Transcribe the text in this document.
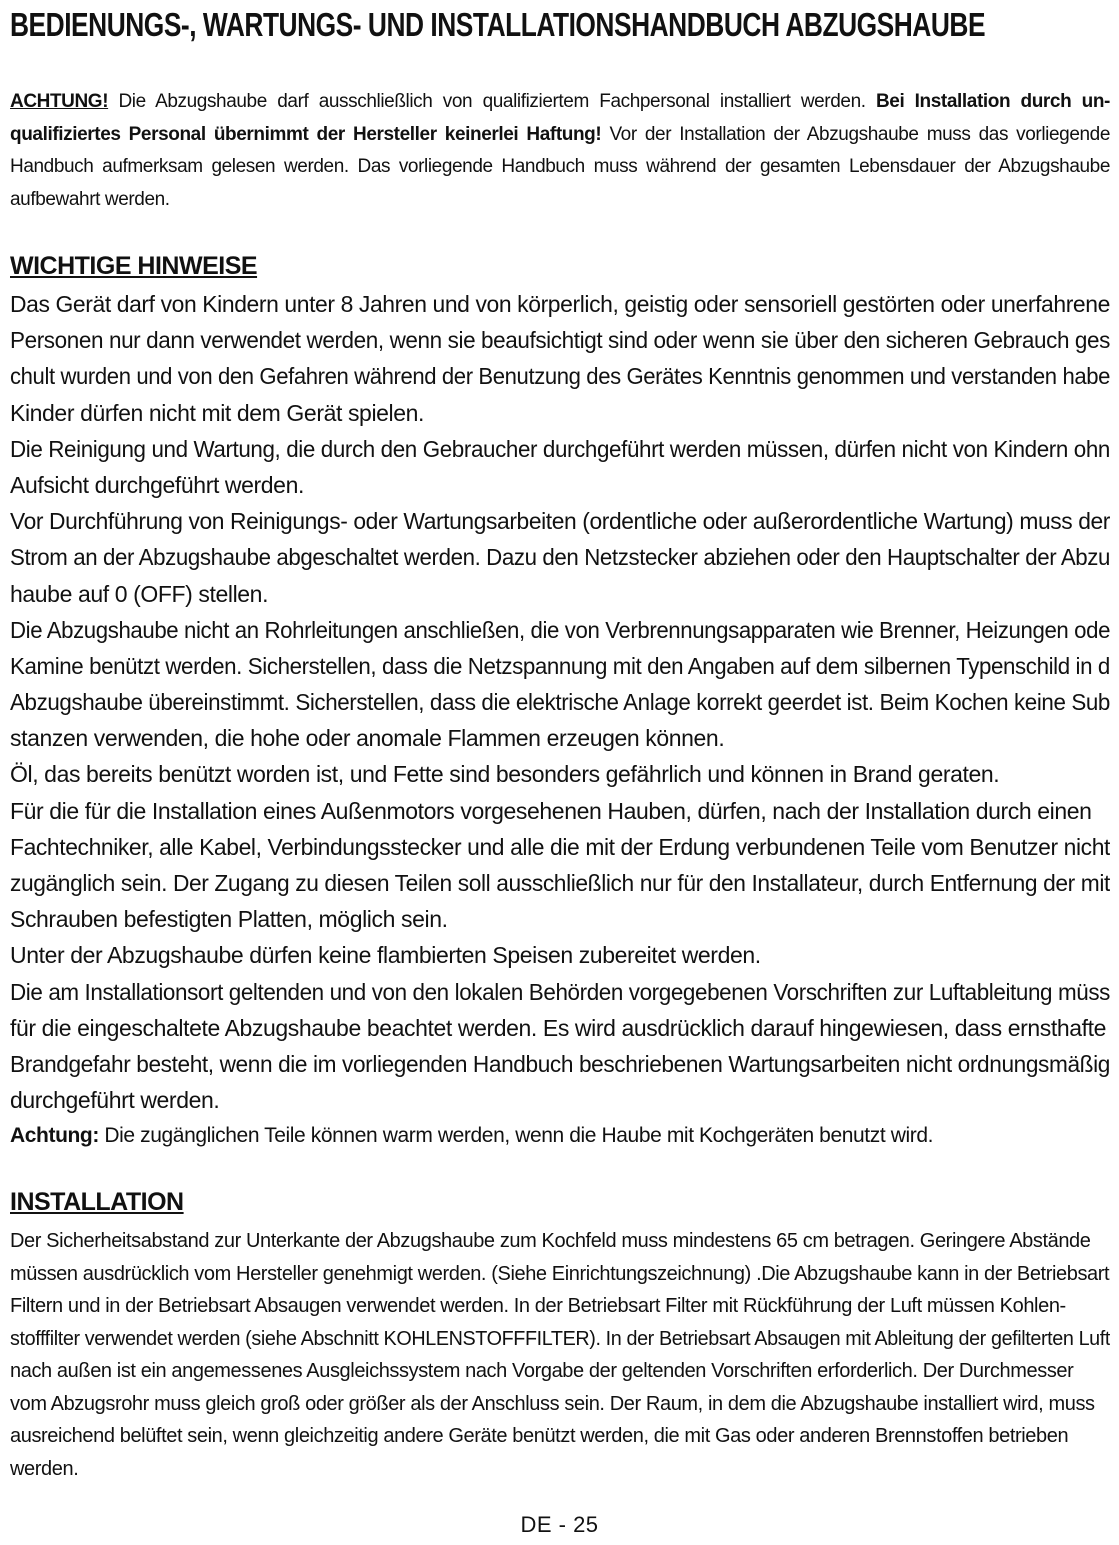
BEDIENUNGS-, WARTUNGS- UND INSTALLATIONSHANDBUCH ABZUGSHAUBE
ACHTUNG! Die Abzugshaube darf ausschließlich von qualifiziertem Fachpersonal installiert werden. Bei Installation durch un-qualifiziertes Personal übernimmt der Hersteller keinerlei Haftung! Vor der Installation der Abzugshaube muss das vorliegende Handbuch aufmerksam gelesen werden. Das vorliegende Handbuch muss während der gesamten Lebensdauer der Abzugshaube aufbewahrt werden.
WICHTIGE HINWEISE
Das Gerät darf von Kindern unter 8 Jahren und von körperlich, geistig oder sensoriell gestörten oder unerfahrene
Personen nur dann verwendet werden, wenn sie beaufsichtigt sind oder wenn sie über den sicheren Gebrauch ges
chult wurden und von den Gefahren während der Benutzung des Gerätes Kenntnis genommen und verstanden habe
Kinder dürfen nicht mit dem Gerät spielen.
Die Reinigung und Wartung, die durch den Gebraucher durchgeführt werden müssen, dürfen nicht von Kindern ohn
Aufsicht durchgeführt werden.
Vor Durchführung von Reinigungs- oder Wartungsarbeiten (ordentliche oder außerordentliche Wartung) muss der
Strom an der Abzugshaube abgeschaltet werden. Dazu den Netzstecker abziehen oder den Hauptschalter der Abzu
haube auf 0 (OFF) stellen.
Die Abzugshaube nicht an Rohrleitungen anschließen, die von Verbrennungsapparaten wie Brenner, Heizungen ode
Kamine benützt werden. Sicherstellen, dass die Netzspannung mit den Angaben auf dem silbernen Typenschild in d
Abzugshaube übereinstimmt. Sicherstellen, dass die elektrische Anlage korrekt geerdet ist. Beim Kochen keine Sub
stanzen verwenden, die hohe oder anomale Flammen erzeugen können.
Öl, das bereits benützt worden ist, und Fette sind besonders gefährlich und können in Brand geraten.
Für die für die Installation eines Außenmotors vorgesehenen Hauben, dürfen, nach der Installation durch einen
Fachtechniker, alle Kabel, Verbindungsstecker und alle die mit der Erdung verbundenen Teile vom Benutzer nicht
zugänglich sein. Der Zugang zu diesen Teilen soll ausschließlich nur für den Installateur, durch Entfernung der mit
Schrauben befestigten Platten, möglich sein.
Unter der Abzugshaube dürfen keine flambierten Speisen zubereitet werden.
Die am Installationsort geltenden und von den lokalen Behörden vorgegebenen Vorschriften zur Luftableitung müss
für die eingeschaltete Abzugshaube beachtet werden. Es wird ausdrücklich darauf hingewiesen, dass ernsthafte
Brandgefahr besteht, wenn die im vorliegenden Handbuch beschriebenen Wartungsarbeiten nicht ordnungsmäßig
durchgeführt werden.
Achtung: Die zugänglichen Teile können warm werden, wenn die Haube mit Kochgeräten benutzt wird.
INSTALLATION
Der Sicherheitsabstand zur Unterkante der Abzugshaube zum Kochfeld muss mindestens 65 cm betragen. Geringere Abstände
müssen ausdrücklich vom Hersteller genehmigt werden. (Siehe Einrichtungszeichnung) .Die Abzugshaube kann in der Betriebsart
Filtern und in der Betriebsart Absaugen verwendet werden. In der Betriebsart Filter mit Rückführung der Luft müssen Kohlen-
stofffilter verwendet werden (siehe Abschnitt KOHLENSTOFFFILTER). In der Betriebsart Absaugen mit Ableitung der gefilterten Luft
nach außen ist ein angemessenes Ausgleichssystem nach Vorgabe der geltenden Vorschriften erforderlich. Der Durchmesser
vom Abzugsrohr muss gleich groß oder größer als der Anschluss sein. Der Raum, in dem die Abzugshaube installiert wird, muss
ausreichend belüftet sein, wenn gleichzeitig andere Geräte benützt werden, die mit Gas oder anderen Brennstoffen betrieben
werden.
DE - 25
